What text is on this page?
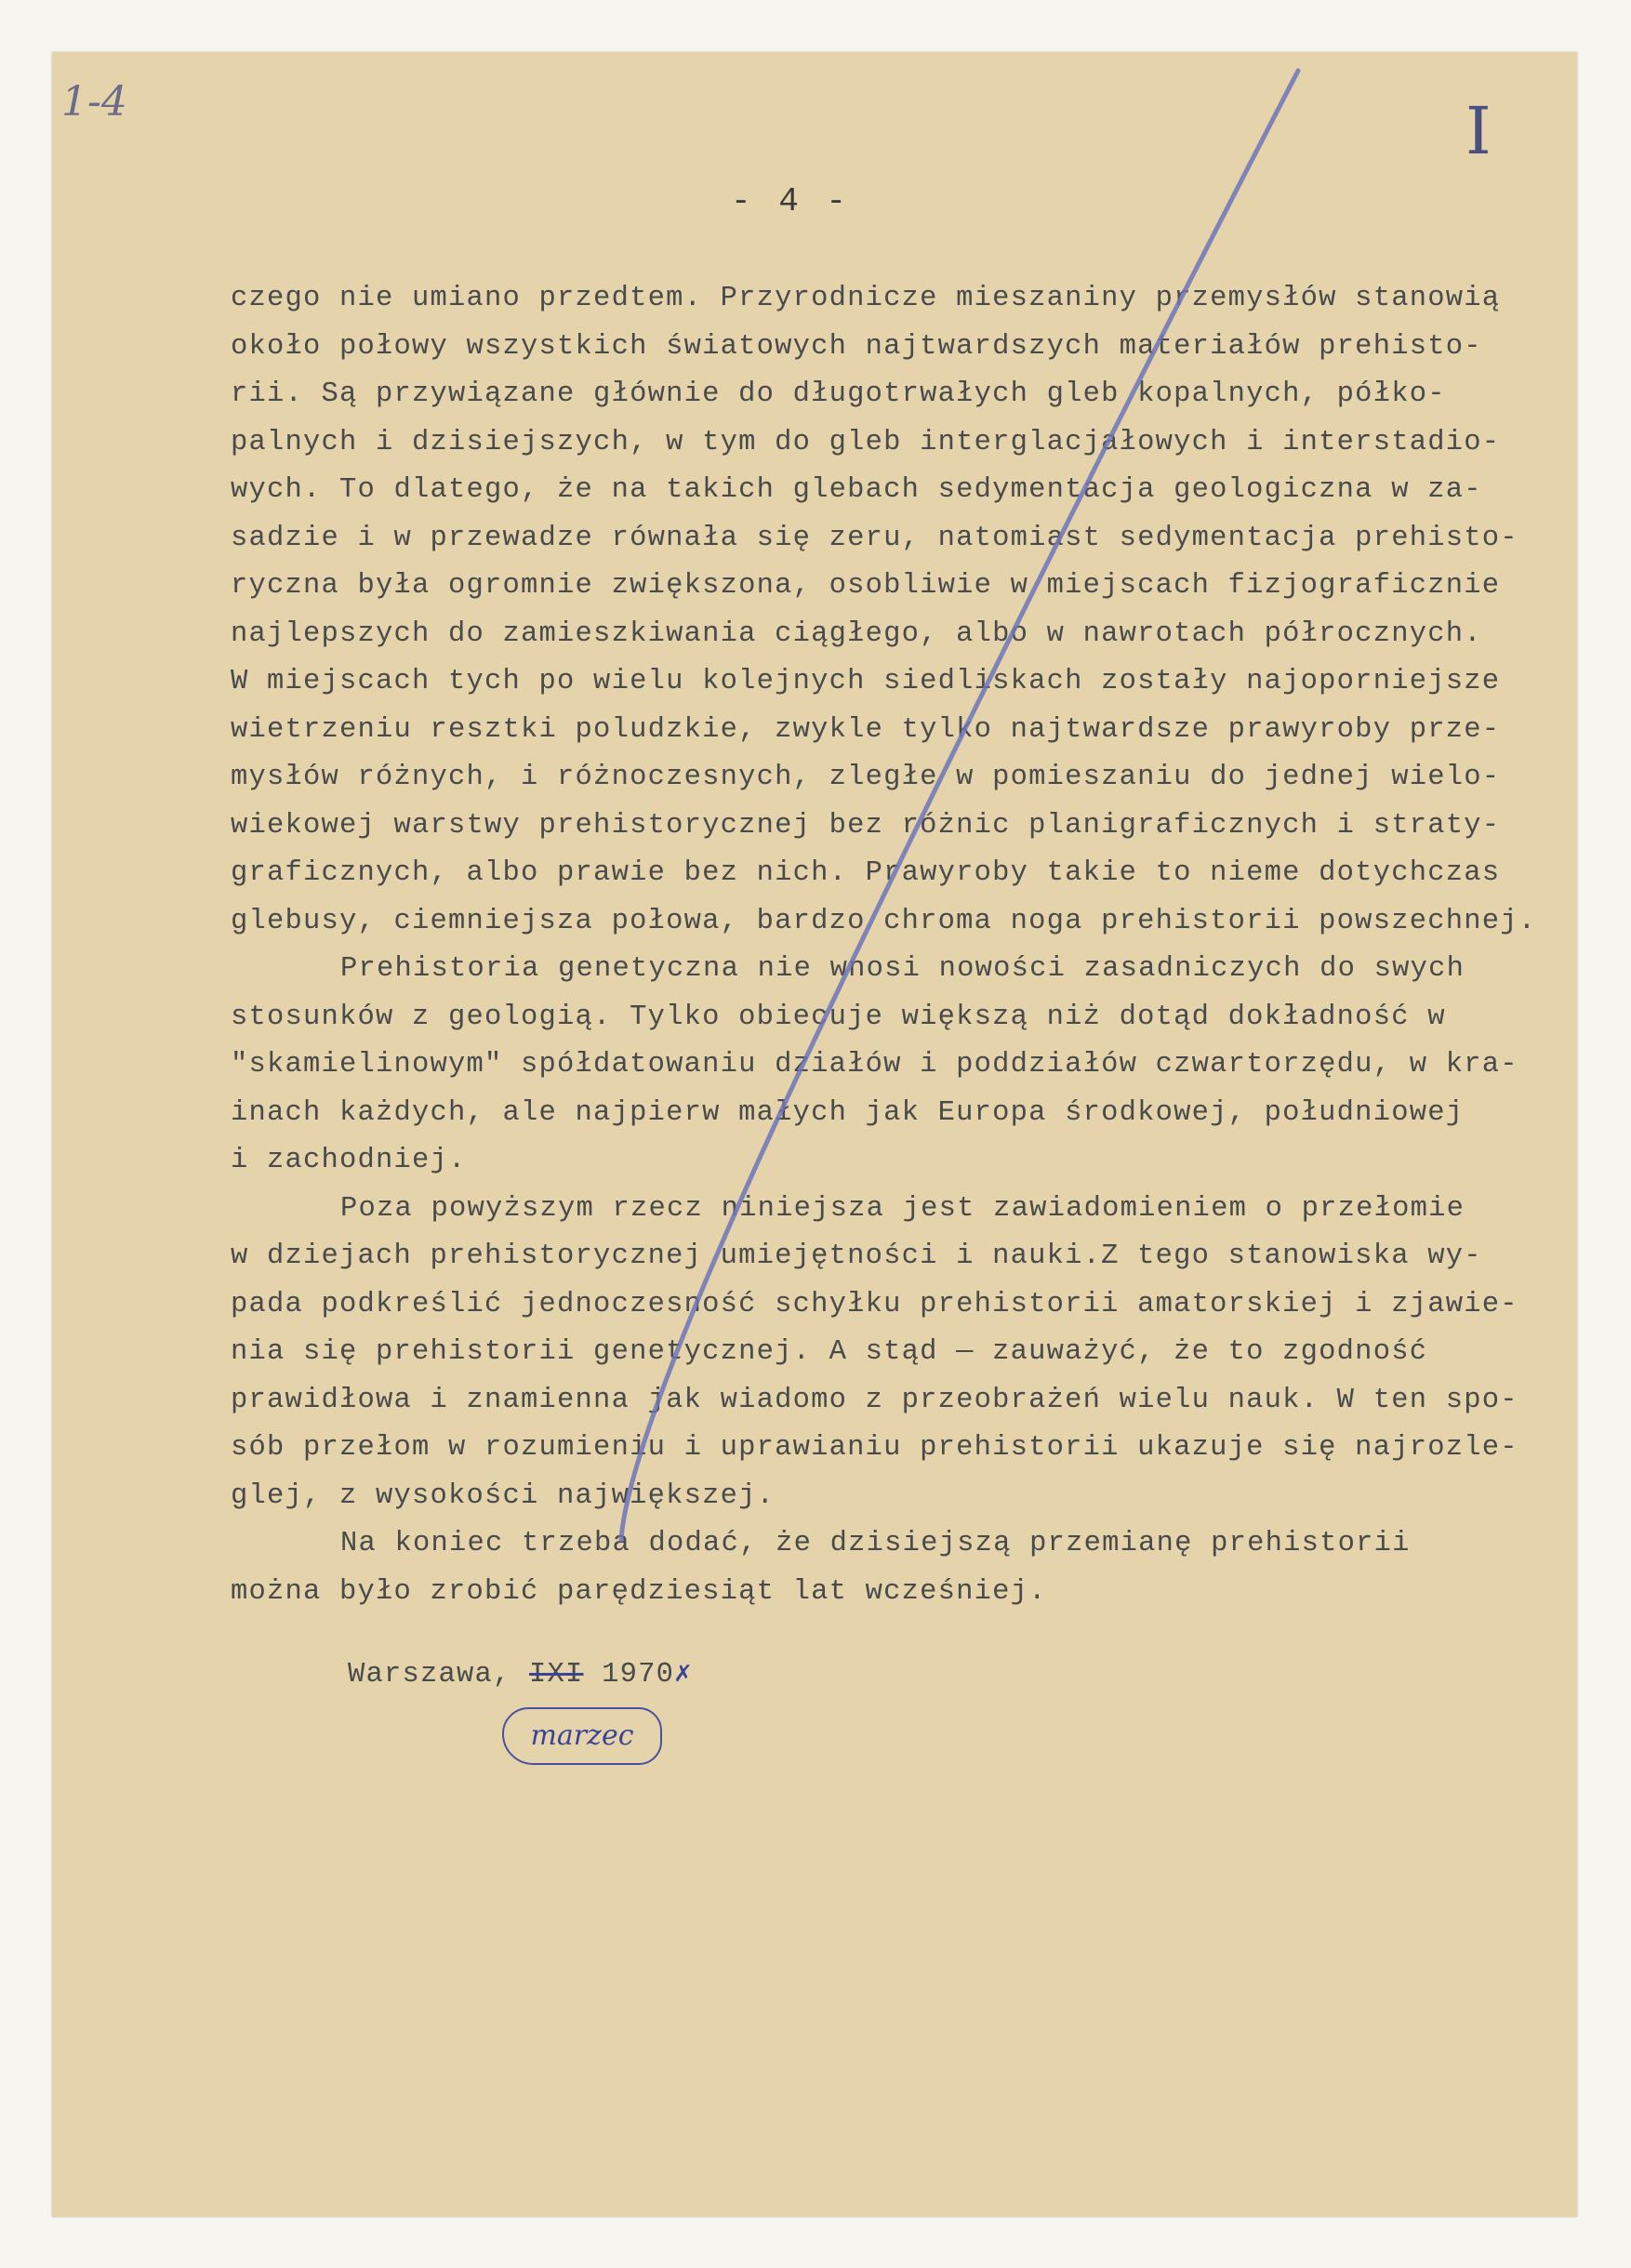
1-4	I
- 4 -
czego nie umiano przedtem. Przyrodnicze mieszaniny przemysłów stanowią
około połowy wszystkich światowych najtwardszych materiałów prehisto-
rii. Są przywiązane głównie do długotrwałych gleb kopalnych, półko-
palnych i dzisiejszych, w tym do gleb interglacjałowych i interstadio-
wych. To dlatego, że na takich glebach sedymentacja geologiczna w za-
sadzie i w przewadze równała się zeru, natomiast sedymentacja prehisto-
ryczna była ogromnie zwiększona, osobliwie w miejscach fizjograficznie
najlepszych do zamieszkiwania ciągłego, albo w nawrotach półrocznych.
W miejscach tych po wielu kolejnych siedliskach zostały najoporniejsze
wietrzeniu resztki poludzkie, zwykle tylko najtwardsze prawyroby prze-
mysłów różnych, i różnoczesnych, zległe w pomieszaniu do jednej wielo-
wiekowej warstwy prehistorycznej bez różnic planigraficznych i straty-
graficznych, albo prawie bez nich. Prawyroby takie to nieme dotychczas
glebusy, ciemniejsza połowa, bardzo chroma noga prehistorii powszechnej.
Prehistoria genetyczna nie wnosi nowości zasadniczych do swych
stosunków z geologią. Tylko obiecuje większą niż dotąd dokładność w
"skamielinowym" spółdatowaniu działów i poddziałów czwartorzędu, w kra-
inach każdych, ale najpierw małych jak Europa środkowej, południowej
i zachodniej.
Poza powyższym rzecz niniejsza jest zawiadomieniem o przełomie
w dziejach prehistorycznej umiejętności i nauki.Z tego stanowiska wy-
pada podkreślić jednoczesność schyłku prehistorii amatorskiej i zjawie-
nia się prehistorii genetycznej. A stąd — zauważyć, że to zgodność
prawidłowa i znamienna jak wiadomo z przeobrażeń wielu nauk. W ten spo-
sób przełom w rozumieniu i uprawianiu prehistorii ukazuje się najrozle-
glej, z wysokości największej.
Na koniec trzeba dodać, że dzisiejszą przemianę prehistorii
można było zrobić parędziesiąt lat wcześniej.
Warszawa, IXI 1970✗
marzec
